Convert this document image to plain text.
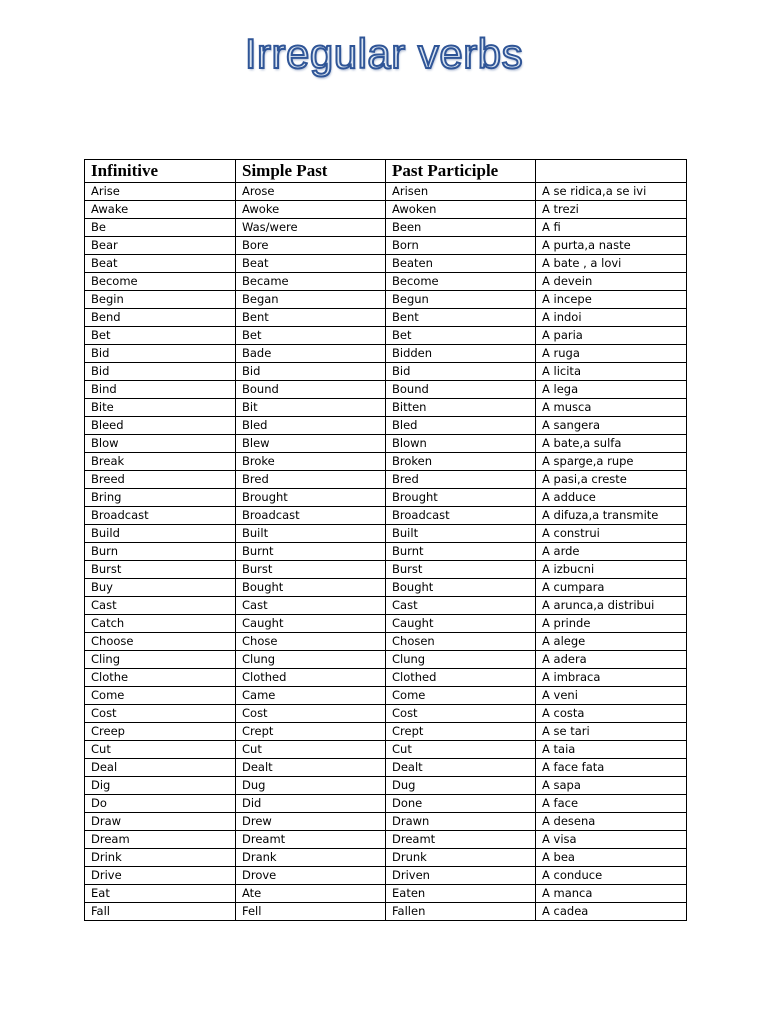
Irregular verbs
Infinitive	Simple Past	Past Participle	
Arise	Arose	Arisen	A se ridica,a se ivi
Awake	Awoke	Awoken	A trezi
Be	Was/were	Been	A fi
Bear	Bore	Born	A purta,a naste
Beat	Beat	Beaten	A bate , a lovi
Become	Became	Become	A devein
Begin	Began	Begun	A incepe
Bend	Bent	Bent	A indoi
Bet	Bet	Bet	A paria
Bid	Bade	Bidden	A ruga
Bid	Bid	Bid	A licita
Bind	Bound	Bound	A lega
Bite	Bit	Bitten	A musca
Bleed	Bled	Bled	A sangera
Blow	Blew	Blown	A bate,a sulfa
Break	Broke	Broken	A sparge,a rupe
Breed	Bred	Bred	A pasi,a creste
Bring	Brought	Brought	A adduce
Broadcast	Broadcast	Broadcast	A difuza,a transmite
Build	Built	Built	A construi
Burn	Burnt	Burnt	A arde
Burst	Burst	Burst	A izbucni
Buy	Bought	Bought	A cumpara
Cast	Cast	Cast	A arunca,a distribui
Catch	Caught	Caught	A prinde
Choose	Chose	Chosen	A alege
Cling	Clung	Clung	A adera
Clothe	Clothed	Clothed	A imbraca
Come	Came	Come	A veni
Cost	Cost	Cost	A costa
Creep	Crept	Crept	A se tari
Cut	Cut	Cut	A taia
Deal	Dealt	Dealt	A face fata
Dig	Dug	Dug	A sapa
Do	Did	Done	A face
Draw	Drew	Drawn	A desena
Dream	Dreamt	Dreamt	A visa
Drink	Drank	Drunk	A bea
Drive	Drove	Driven	A conduce
Eat	Ate	Eaten	A manca
Fall	Fell	Fallen	A cadea
